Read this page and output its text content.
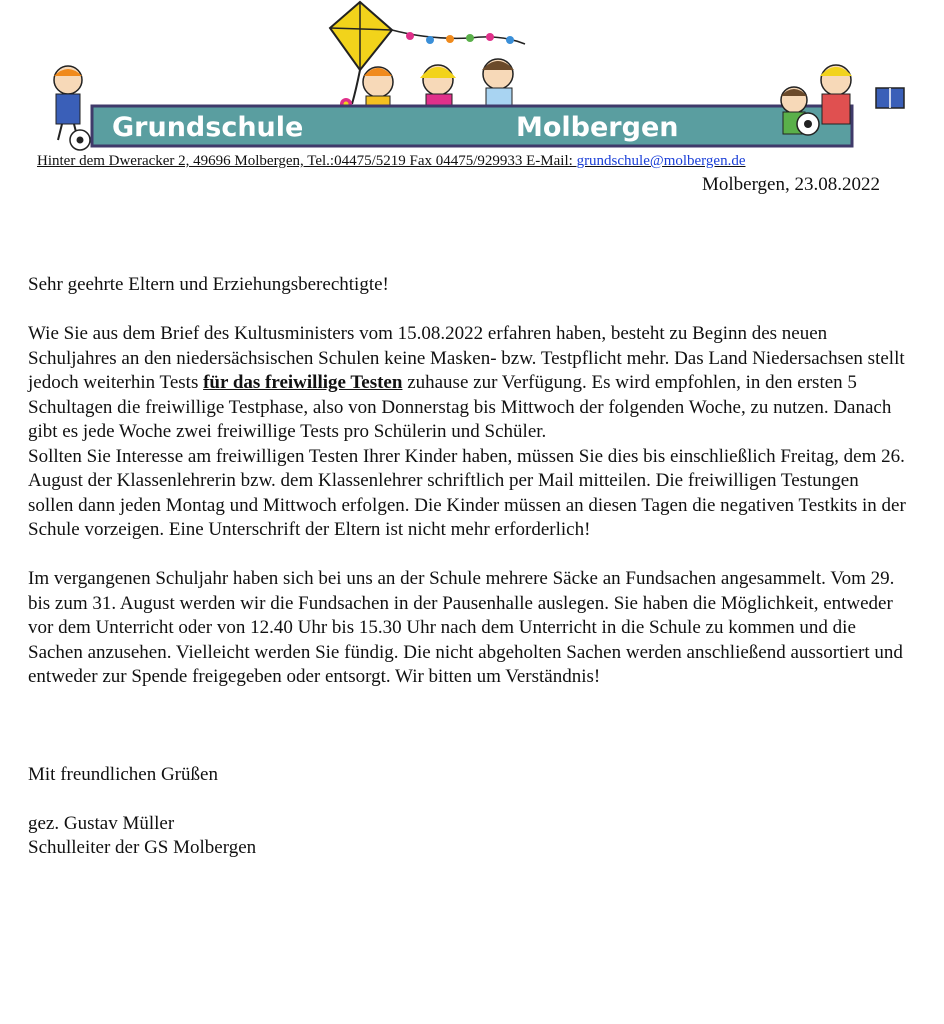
Grundschule	Molbergen
Hinter dem Dweracker 2, 49696 Molbergen, Tel.:04475/5219 Fax 04475/929933 E-Mail: grundschule@molbergen.de
Molbergen, 23.08.2022

Sehr geehrte Eltern und Erziehungsberechtigte!

Wie Sie aus dem Brief des Kultusministers vom 15.08.2022 erfahren haben, besteht zu Beginn des neuen Schuljahres an den niedersächsischen Schulen keine Masken- bzw. Testpflicht mehr. Das Land Niedersachsen stellt jedoch weiterhin Tests für das freiwillige Testen zuhause zur Verfügung. Es wird empfohlen, in den ersten 5 Schultagen die freiwillige Testphase, also von Donnerstag bis Mittwoch der folgenden Woche, zu nutzen. Danach gibt es jede Woche zwei freiwillige Tests pro Schülerin und Schüler.

Sollten Sie Interesse am freiwilligen Testen Ihrer Kinder haben, müssen Sie dies bis einschließlich Freitag, dem 26. August der Klassenlehrerin bzw. dem Klassenlehrer schriftlich per Mail mitteilen. Die freiwilligen Testungen sollen dann jeden Montag und Mittwoch erfolgen. Die Kinder müssen an diesen Tagen die negativen Testkits in der Schule vorzeigen. Eine Unterschrift der Eltern ist nicht mehr erforderlich!

Im vergangenen Schuljahr haben sich bei uns an der Schule mehrere Säcke an Fundsachen angesammelt. Vom 29. bis zum 31. August werden wir die Fundsachen in der Pausenhalle auslegen. Sie haben die Möglichkeit, entweder vor dem Unterricht oder von 12.40 Uhr bis 15.30 Uhr nach dem Unterricht in die Schule zu kommen und die Sachen anzusehen. Vielleicht werden Sie fündig. Die nicht abgeholten Sachen werden anschließend aussortiert und entweder zur Spende freigegeben oder entsorgt. Wir bitten um Verständnis!

Mit freundlichen Grüßen

gez. Gustav Müller

Schulleiter der GS Molbergen
